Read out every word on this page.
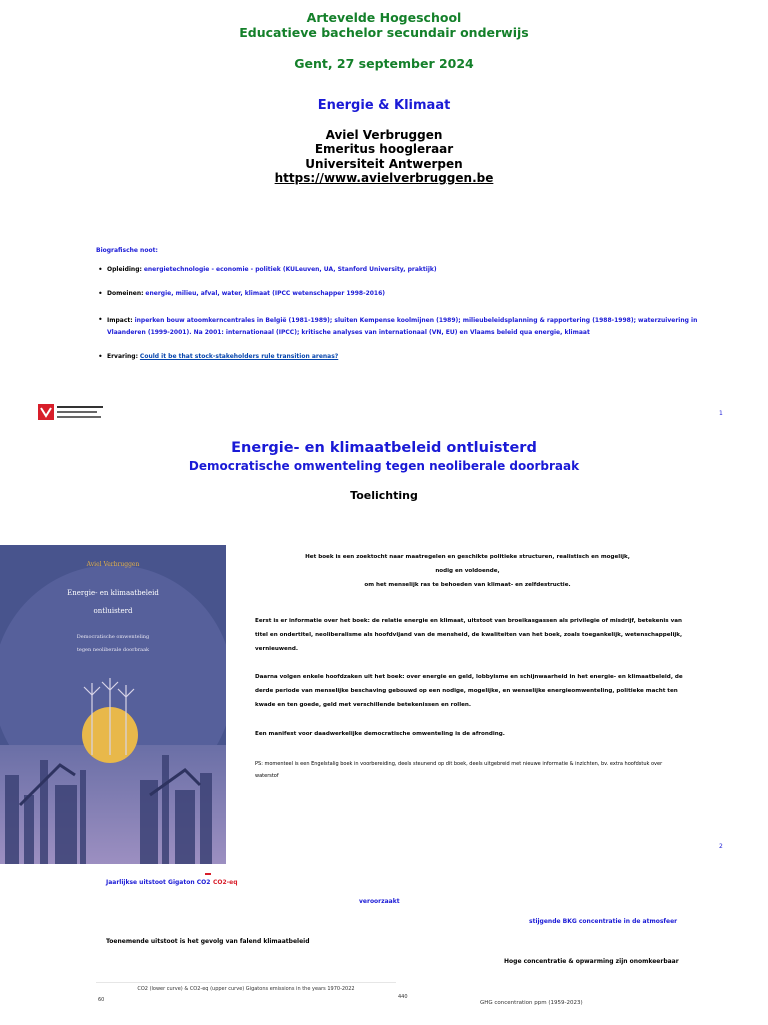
Artevelde Hogeschool
Educatieve bachelor secundair onderwijs
Gent, 27 september 2024
Energie & Klimaat
Aviel Verbruggen
Emeritus hoogleraar
Universiteit Antwerpen
https://www.avielverbruggen.be
Biografische noot:
• Opleiding: energietechnologie - economie - politiek (KULeuven, UA, Stanford University, praktijk)
• Domeinen: energie, milieu, afval, water, klimaat (IPCC wetenschapper 1998-2016)
• Impact: inperken bouw atoomkerncentrales in België (1981-1989); sluiten Kempense koolmijnen (1989); milieubeleidsplanning & rapportering (1988-1998); waterzuivering in Vlaanderen (1999-2001). Na 2001: internationaal (IPCC); kritische analyses van internationaal (VN, EU) en Vlaams beleid qua energie, klimaat
• Ervaring: Could it be that stock-stakeholders rule transition arenas?
1
Energie- en klimaatbeleid ontluisterd
Democratische omwenteling tegen neoliberale doorbraak
Toelichting
Aviel Verbruggen
Energie- en klimaatbeleid
ontluisterd
Democratische omwenteling
tegen neoliberale doorbraak
Het boek is een zoektocht naar maatregelen en geschikte politieke structuren, realistisch en mogelijk,
nodig en voldoende,
om het menselijk ras te behoeden van klimaat- en zelfdestructie.
Eerst is er informatie over het boek: de relatie energie en klimaat, uitstoot van broeikasgassen als privilegie of misdrijf, betekenis van titel en ondertitel, neoliberalisme als hoofdvijand van de mensheid, de kwaliteiten van het boek, zoals toegankelijk, wetenschappelijk, vernieuwend.
Daarna volgen enkele hoofdzaken uit het boek: over energie en geld, lobbyisme en schijnwaarheid in het energie- en klimaatbeleid, de derde periode van menselijke beschaving gebouwd op een nodige, mogelijke, en wenselijke energieomwenteling, politieke macht ten kwade en ten goede, geld met verschillende betekenissen en rollen.
Een manifest voor daadwerkelijke democratische omwenteling is de afronding.
PS: momenteel is een Engelstalig boek in voorbereiding, deels steunend op dit boek, deels uitgebreid met nieuwe informatie & inzichten, bv. extra hoofdstuk over waterstof
2
Jaarlijkse uitstoot Gigaton CO2 CO2-eq
veroorzaakt
stijgende BKG concentratie in de atmosfeer
Toenemende uitstoot is het gevolg van falend klimaatbeleid
Hoge concentratie & opwarming zijn onomkeerbaar
CO2 (lower curve) & CO2-eq (upper curve) Gigatons emissions in the years 1970-2022
60	440
GHG concentration ppm (1959-2023)
